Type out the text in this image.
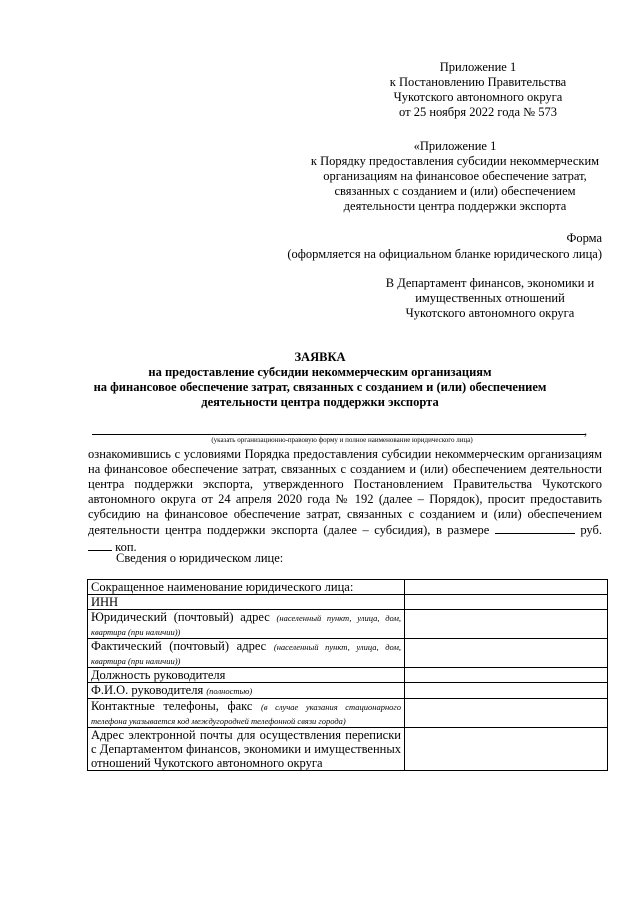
Приложение 1
к Постановлению Правительства
Чукотского автономного округа
от 25 ноября 2022 года № 573
«Приложение 1
к Порядку предоставления субсидии некоммерческим
организациям на финансовое обеспечение затрат,
связанных с созданием и (или) обеспечением
деятельности центра поддержки экспорта
Форма
(оформляется на официальном бланке юридического лица)
В Департамент финансов, экономики и
имущественных отношений
Чукотского автономного округа
ЗАЯВКА
на предоставление субсидии некоммерческим организациям
на финансовое обеспечение затрат, связанных с созданием и (или) обеспечением
деятельности центра поддержки экспорта
,
(указать организационно-правовую форму и полное наименование юридического лица)

ознакомившись с условиями Порядка предоставления субсидии некоммерческим организациям на финансовое обеспечение затрат, связанных с созданием и (или) обеспечением деятельности центра поддержки экспорта, утвержденного Постановлением Правительства Чукотского автономного округа от 24 апреля 2020 года № 192 (далее – Порядок), просит предоставить субсидию на финансовое обеспечение затрат, связанных с созданием и (или) обеспечением деятельности центра поддержки экспорта (далее – субсидия), в размере	руб.  коп.

Сведения о юридическом лице:
Сокращенное наименование юридического лица:	
ИНН	
Юридический (почтовый) адрес (населенный пункт, улица, дом, квартира (при наличии))	
Фактический (почтовый) адрес (населенный пункт, улица, дом, квартира (при наличии))	
Должность руководителя	
Ф.И.О. руководителя (полностью)	
Контактные телефоны, факс (в случае указания стационарного телефона указывается код междугородней телефонной связи города)	
Адрес электронной почты для осуществления переписки с Департаментом финансов, экономики и имущественных отношений Чукотского автономного округа	
